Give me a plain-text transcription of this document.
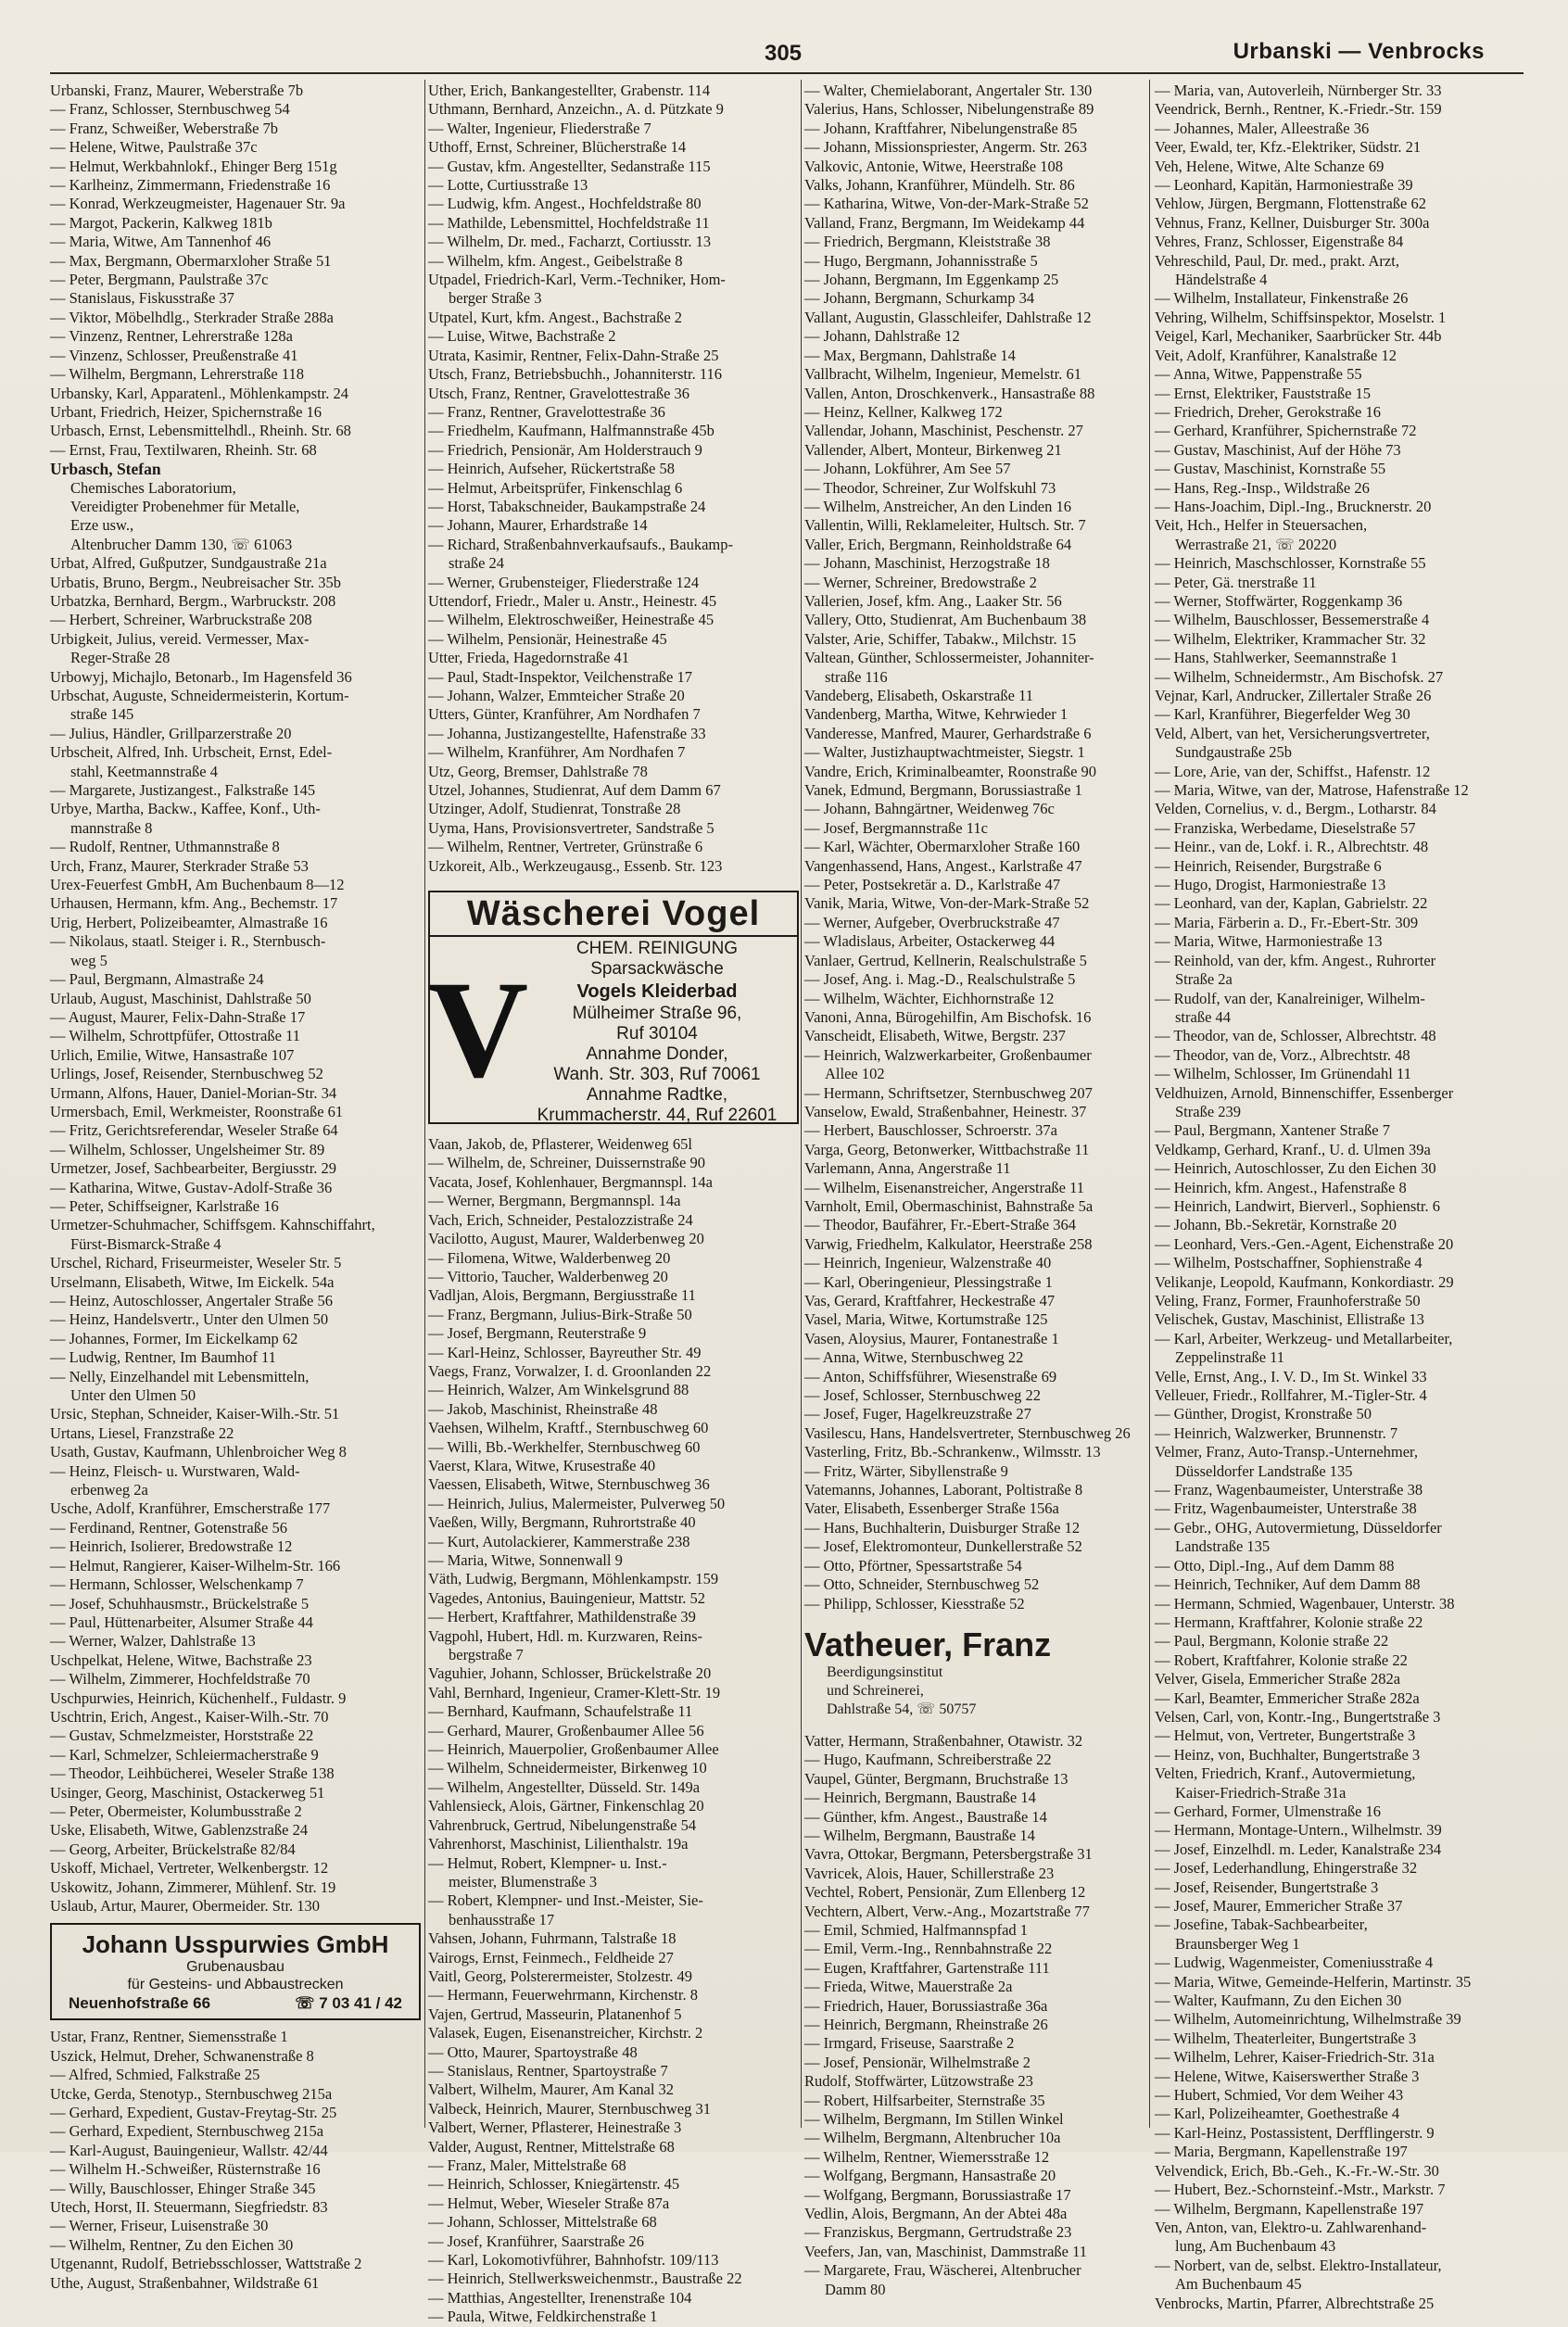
305	Urbanski — Venbrocks
Urbanski, Franz, Maurer, Weberstraße 7b
— Franz, Schlosser, Sternbuschweg 54
— Franz, Schweißer, Weberstraße 7b
— Helene, Witwe, Paulstraße 37c
— Helmut, Werkbahnlokf., Ehinger Berg 151g
— Karlheinz, Zimmermann, Friedenstraße 16
— Konrad, Werkzeugmeister, Hagenauer Str. 9a
— Margot, Packerin, Kalkweg 181b
— Maria, Witwe, Am Tannenhof 46
— Max, Bergmann, Obermarxloher Straße 51
— Peter, Bergmann, Paulstraße 37c
— Stanislaus, Fiskusstraße 37
— Viktor, Möbelhdlg., Sterkrader Straße 288a
— Vinzenz, Rentner, Lehrerstraße 128a
— Vinzenz, Schlosser, Preußenstraße 41
— Wilhelm, Bergmann, Lehrerstraße 118
Urbansky, Karl, Apparatenl., Möhlenkampstr. 24
Urbant, Friedrich, Heizer, Spichernstraße 16
Urbasch, Ernst, Lebensmittelhdl., Rheinh. Str. 68
— Ernst, Frau, Textilwaren, Rheinh. Str. 68
Urbasch, Stefan
Chemisches Laboratorium,
Vereidigter Probenehmer für Metalle,
Erze usw.,
Altenbrucher Damm 130, ☏ 61063
Urbat, Alfred, Gußputzer, Sundgaustraße 21a
Urbatis, Bruno, Bergm., Neubreisacher Str. 35b
Urbatzka, Bernhard, Bergm., Warbruckstr. 208
— Herbert, Schreiner, Warbruckstraße 208
Urbigkeit, Julius, vereid. Vermesser, Max-
Reger-Straße 28
Urbowyj, Michajlo, Betonarb., Im Hagensfeld 36
Urbschat, Auguste, Schneidermeisterin, Kortum-
straße 145
— Julius, Händler, Grillparzerstraße 20
Urbscheit, Alfred, Inh. Urbscheit, Ernst, Edel-
stahl, Keetmannstraße 4
— Margarete, Justizangest., Falkstraße 145
Urbye, Martha, Backw., Kaffee, Konf., Uth-
mannstraße 8
— Rudolf, Rentner, Uthmannstraße 8
Urch, Franz, Maurer, Sterkrader Straße 53
Urex-Feuerfest GmbH, Am Buchenbaum 8—12
Urhausen, Hermann, kfm. Ang., Bechemstr. 17
Urig, Herbert, Polizeibeamter, Almastraße 16
— Nikolaus, staatl. Steiger i. R., Sternbusch-
weg 5
— Paul, Bergmann, Almastraße 24
Urlaub, August, Maschinist, Dahlstraße 50
— August, Maurer, Felix-Dahn-Straße 17
— Wilhelm, Schrottpfüfer, Ottostraße 11
Urlich, Emilie, Witwe, Hansastraße 107
Urlings, Josef, Reisender, Sternbuschweg 52
Urmann, Alfons, Hauer, Daniel-Morian-Str. 34
Urmersbach, Emil, Werkmeister, Roonstraße 61
— Fritz, Gerichtsreferendar, Weseler Straße 64
— Wilhelm, Schlosser, Ungelsheimer Str. 89
Urmetzer, Josef, Sachbearbeiter, Bergiusstr. 29
— Katharina, Witwe, Gustav-Adolf-Straße 36
— Peter, Schiffseigner, Karlstraße 16
Urmetzer-Schuhmacher, Schiffsgem. Kahnschiffahrt,
Fürst-Bismarck-Straße 4
Urschel, Richard, Friseurmeister, Weseler Str. 5
Urselmann, Elisabeth, Witwe, Im Eickelk. 54a
— Heinz, Autoschlosser, Angertaler Straße 56
— Heinz, Handelsvertr., Unter den Ulmen 50
— Johannes, Former, Im Eickelkamp 62
— Ludwig, Rentner, Im Baumhof 11
— Nelly, Einzelhandel mit Lebensmitteln,
Unter den Ulmen 50
Ursic, Stephan, Schneider, Kaiser-Wilh.-Str. 51
Urtans, Liesel, Franzstraße 22
Usath, Gustav, Kaufmann, Uhlenbroicher Weg 8
— Heinz, Fleisch- u. Wurstwaren, Wald-
erbenweg 2a
Usche, Adolf, Kranführer, Emscherstraße 177
— Ferdinand, Rentner, Gotenstraße 56
— Heinrich, Isolierer, Bredowstraße 12
— Helmut, Rangierer, Kaiser-Wilhelm-Str. 166
— Hermann, Schlosser, Welschenkamp 7
— Josef, Schuhhausmstr., Brückelstraße 5
— Paul, Hüttenarbeiter, Alsumer Straße 44
— Werner, Walzer, Dahlstraße 13
Uschpelkat, Helene, Witwe, Bachstraße 23
— Wilhelm, Zimmerer, Hochfeldstraße 70
Uschpurwies, Heinrich, Küchenhelf., Fuldastr. 9
Uschtrin, Erich, Angest., Kaiser-Wilh.-Str. 70
— Gustav, Schmelzmeister, Horststraße 22
— Karl, Schmelzer, Schleiermacherstraße 9
— Theodor, Leihbücherei, Weseler Straße 138
Usinger, Georg, Maschinist, Ostackerweg 51
— Peter, Obermeister, Kolumbusstraße 2
Uske, Elisabeth, Witwe, Gablenzstraße 24
— Georg, Arbeiter, Brückelstraße 82/84
Uskoff, Michael, Vertreter, Welkenbergstr. 12
Uskowitz, Johann, Zimmerer, Mühlenf. Str. 19
Uslaub, Artur, Maurer, Obermeider. Str. 130
Johann Usspurwies GmbH
Grubenausbau
für Gesteins- und Abbaustrecken
Neuenhofstraße 66	☏ 7 03 41 / 42
Ustar, Franz, Rentner, Siemensstraße 1
Uszick, Helmut, Dreher, Schwanenstraße 8
— Alfred, Schmied, Falkstraße 25
Utcke, Gerda, Stenotyp., Sternbuschweg 215a
— Gerhard, Expedient, Gustav-Freytag-Str. 25
— Gerhard, Expedient, Sternbuschweg 215a
— Karl-August, Bauingenieur, Wallstr. 42/44
— Wilhelm H.-Schweißer, Rüsternstraße 16
— Willy, Bauschlosser, Ehinger Straße 345
Utech, Horst, II. Steuermann, Siegfriedstr. 83
— Werner, Friseur, Luisenstraße 30
— Wilhelm, Rentner, Zu den Eichen 30
Utgenannt, Rudolf, Betriebsschlosser, Wattstraße 2
Uthe, August, Straßenbahner, Wildstraße 61
Uther, Erich, Bankangestellter, Grabenstr. 114
Uthmann, Bernhard, Anzeichn., A. d. Pützkate 9
— Walter, Ingenieur, Fliederstraße 7
Uthoff, Ernst, Schreiner, Blücherstraße 14
— Gustav, kfm. Angestellter, Sedanstraße 115
— Lotte, Curtiusstraße 13
— Ludwig, kfm. Angest., Hochfeldstraße 80
— Mathilde, Lebensmittel, Hochfeldstraße 11
— Wilhelm, Dr. med., Facharzt, Cortiusstr. 13
— Wilhelm, kfm. Angest., Geibelstraße 8
Utpadel, Friedrich-Karl, Verm.-Techniker, Hom-
berger Straße 3
Utpatel, Kurt, kfm. Angest., Bachstraße 2
— Luise, Witwe, Bachstraße 2
Utrata, Kasimir, Rentner, Felix-Dahn-Straße 25
Utsch, Franz, Betriebsbuchh., Johanniterstr. 116
Utsch, Franz, Rentner, Gravelottestraße 36
— Franz, Rentner, Gravelottestraße 36
— Friedhelm, Kaufmann, Halfmannstraße 45b
— Friedrich, Pensionär, Am Holderstrauch 9
— Heinrich, Aufseher, Rückertstraße 58
— Helmut, Arbeitsprüfer, Finkenschlag 6
— Horst, Tabakschneider, Baukampstraße 24
— Johann, Maurer, Erhardstraße 14
— Richard, Straßenbahnverkaufsaufs., Baukamp-
straße 24
— Werner, Grubensteiger, Fliederstraße 124
Uttendorf, Friedr., Maler u. Anstr., Heinestr. 45
— Wilhelm, Elektroschweißer, Heinestraße 45
— Wilhelm, Pensionär, Heinestraße 45
Utter, Frieda, Hagedornstraße 41
— Paul, Stadt-Inspektor, Veilchenstraße 17
— Johann, Walzer, Emmteicher Straße 20
Utters, Günter, Kranführer, Am Nordhafen 7
— Johanna, Justizangestellte, Hafenstraße 33
— Wilhelm, Kranführer, Am Nordhafen 7
Utz, Georg, Bremser, Dahlstraße 78
Utzel, Johannes, Studienrat, Auf dem Damm 67
Utzinger, Adolf, Studienrat, Tonstraße 28
Uyma, Hans, Provisionsvertreter, Sandstraße 5
— Wilhelm, Rentner, Vertreter, Grünstraße 6
Uzkoreit, Alb., Werkzeugausg., Essenb. Str. 123
Wäscherei Vogel
V
CHEM. REINIGUNG
Sparsackwäsche
Vogels Kleiderbad
Mülheimer Straße 96,
Ruf 30104
Annahme Donder,
Wanh. Str. 303, Ruf 70061
Annahme Radtke,
Krummacherstr. 44, Ruf 22601
Vaan, Jakob, de, Pflasterer, Weidenweg 65l
— Wilhelm, de, Schreiner, Duissernstraße 90
Vacata, Josef, Kohlenhauer, Bergmannspl. 14a
— Werner, Bergmann, Bergmannspl. 14a
Vach, Erich, Schneider, Pestalozzistraße 24
Vacilotto, August, Maurer, Walderbenweg 20
— Filomena, Witwe, Walderbenweg 20
— Vittorio, Taucher, Walderbenweg 20
Vadljan, Alois, Bergmann, Bergiusstraße 11
— Franz, Bergmann, Julius-Birk-Straße 50
— Josef, Bergmann, Reuterstraße 9
— Karl-Heinz, Schlosser, Bayreuther Str. 49
Vaegs, Franz, Vorwalzer, I. d. Groonlanden 22
— Heinrich, Walzer, Am Winkelsgrund 88
— Jakob, Maschinist, Rheinstraße 48
Vaehsen, Wilhelm, Kraftf., Sternbuschweg 60
— Willi, Bb.-Werkhelfer, Sternbuschweg 60
Vaerst, Klara, Witwe, Krusestraße 40
Vaessen, Elisabeth, Witwe, Sternbuschweg 36
— Heinrich, Julius, Malermeister, Pulverweg 50
Vaeßen, Willy, Bergmann, Ruhrortstraße 40
— Kurt, Autolackierer, Kammerstraße 238
— Maria, Witwe, Sonnenwall 9
Väth, Ludwig, Bergmann, Möhlenkampstr. 159
Vagedes, Antonius, Bauingenieur, Mattstr. 52
— Herbert, Kraftfahrer, Mathildenstraße 39
Vagpohl, Hubert, Hdl. m. Kurzwaren, Reins-
bergstraße 7
Vaguhier, Johann, Schlosser, Brückelstraße 20
Vahl, Bernhard, Ingenieur, Cramer-Klett-Str. 19
— Bernhard, Kaufmann, Schaufelstraße 11
— Gerhard, Maurer, Großenbaumer Allee 56
— Heinrich, Mauerpolier, Großenbaumer Allee
— Wilhelm, Schneidermeister, Birkenweg 10
— Wilhelm, Angestellter, Düsseld. Str. 149a
Vahlensieck, Alois, Gärtner, Finkenschlag 20
Vahrenbruck, Gertrud, Nibelungenstraße 54
Vahrenhorst, Maschinist, Lilienthalstr. 19a
— Helmut, Robert, Klempner- u. Inst.-
meister, Blumenstraße 3
— Robert, Klempner- und Inst.-Meister, Sie-
benhausstraße 17
Vahsen, Johann, Fuhrmann, Talstraße 18
Vairogs, Ernst, Feinmech., Feldheide 27
Vaitl, Georg, Polsterermeister, Stolzestr. 49
— Hermann, Feuerwehrmann, Kirchenstr. 8
Vajen, Gertrud, Masseurin, Platanenhof 5
Valasek, Eugen, Eisenanstreicher, Kirchstr. 2
— Otto, Maurer, Spartoystraße 48
— Stanislaus, Rentner, Spartoystraße 7
Valbert, Wilhelm, Maurer, Am Kanal 32
Valbeck, Heinrich, Maurer, Sternbuschweg 31
Valbert, Werner, Pflasterer, Heinestraße 3
Valder, August, Rentner, Mittelstraße 68
— Franz, Maler, Mittelstraße 68
— Heinrich, Schlosser, Kniegärtenstr. 45
— Helmut, Weber, Wieseler Straße 87a
— Johann, Schlosser, Mittelstraße 68
— Josef, Kranführer, Saarstraße 26
— Karl, Lokomotivführer, Bahnhofstr. 109/113
— Heinrich, Stellwerksweichenmstr., Baustraße 22
— Matthias, Angestellter, Irenenstraße 104
— Paula, Witwe, Feldkirchenstraße 1
— Walter, Chemielaborant, Angertaler Str. 130
Valerius, Hans, Schlosser, Nibelungenstraße 89
— Johann, Kraftfahrer, Nibelungenstraße 85
— Johann, Missionspriester, Angerm. Str. 263
Valkovic, Antonie, Witwe, Heerstraße 108
Valks, Johann, Kranführer, Mündelh. Str. 86
— Katharina, Witwe, Von-der-Mark-Straße 52
Valland, Franz, Bergmann, Im Weidekamp 44
— Friedrich, Bergmann, Kleiststraße 38
— Hugo, Bergmann, Johannisstraße 5
— Johann, Bergmann, Im Eggenkamp 25
— Johann, Bergmann, Schurkamp 34
Vallant, Augustin, Glasschleifer, Dahlstraße 12
— Johann, Dahlstraße 12
— Max, Bergmann, Dahlstraße 14
Vallbracht, Wilhelm, Ingenieur, Memelstr. 61
Vallen, Anton, Droschkenverk., Hansastraße 88
— Heinz, Kellner, Kalkweg 172
Vallendar, Johann, Maschinist, Peschenstr. 27
Vallender, Albert, Monteur, Birkenweg 21
— Johann, Lokführer, Am See 57
— Theodor, Schreiner, Zur Wolfskuhl 73
— Wilhelm, Anstreicher, An den Linden 16
Vallentin, Willi, Reklameleiter, Hultsch. Str. 7
Valler, Erich, Bergmann, Reinholdstraße 64
— Johann, Maschinist, Herzogstraße 18
— Werner, Schreiner, Bredowstraße 2
Vallerien, Josef, kfm. Ang., Laaker Str. 56
Vallery, Otto, Studienrat, Am Buchenbaum 38
Valster, Arie, Schiffer, Tabakw., Milchstr. 15
Valtean, Günther, Schlossermeister, Johanniter-
straße 116
Vandeberg, Elisabeth, Oskarstraße 11
Vandenberg, Martha, Witwe, Kehrwieder 1
Vanderesse, Manfred, Maurer, Gerhardstraße 6
— Walter, Justizhauptwachtmeister, Siegstr. 1
Vandre, Erich, Kriminalbeamter, Roonstraße 90
Vanek, Edmund, Bergmann, Borussiastraße 1
— Johann, Bahngärtner, Weidenweg 76c
— Josef, Bergmannstraße 11c
— Karl, Wächter, Obermarxloher Straße 160
Vangenhassend, Hans, Angest., Karlstraße 47
— Peter, Postsekretär a. D., Karlstraße 47
Vanik, Maria, Witwe, Von-der-Mark-Straße 52
— Werner, Aufgeber, Overbruckstraße 47
— Wladislaus, Arbeiter, Ostackerweg 44
Vanlaer, Gertrud, Kellnerin, Realschulstraße 5
— Josef, Ang. i. Mag.-D., Realschulstraße 5
— Wilhelm, Wächter, Eichhornstraße 12
Vanoni, Anna, Bürogehilfin, Am Bischofsk. 16
Vanscheidt, Elisabeth, Witwe, Bergstr. 237
— Heinrich, Walzwerkarbeiter, Großenbaumer
Allee 102
— Hermann, Schriftsetzer, Sternbuschweg 207
Vanselow, Ewald, Straßenbahner, Heinestr. 37
— Herbert, Bauschlosser, Schroerstr. 37a
Varga, Georg, Betonwerker, Wittbachstraße 11
Varlemann, Anna, Angerstraße 11
— Wilhelm, Eisenanstreicher, Angerstraße 11
Varnholt, Emil, Obermaschinist, Bahnstraße 5a
— Theodor, Baufährer, Fr.-Ebert-Straße 364
Varwig, Friedhelm, Kalkulator, Heerstraße 258
— Heinrich, Ingenieur, Walzenstraße 40
— Karl, Oberingenieur, Plessingstraße 1
Vas, Gerard, Kraftfahrer, Heckestraße 47
Vasel, Maria, Witwe, Kortumstraße 125
Vasen, Aloysius, Maurer, Fontanestraße 1
— Anna, Witwe, Sternbuschweg 22
— Anton, Schiffsführer, Wiesenstraße 69
— Josef, Schlosser, Sternbuschweg 22
— Josef, Fuger, Hagelkreuzstraße 27
Vasilescu, Hans, Handelsvertreter, Sternbuschweg 26
Vasterling, Fritz, Bb.-Schrankenw., Wilmsstr. 13
— Fritz, Wärter, Sibyllenstraße 9
Vatemanns, Johannes, Laborant, Poltistraße 8
Vater, Elisabeth, Essenberger Straße 156a
— Hans, Buchhalterin, Duisburger Straße 12
— Josef, Elektromonteur, Dunkellerstraße 52
— Otto, Pförtner, Spessartstraße 54
— Otto, Schneider, Sternbuschweg 52
— Philipp, Schlosser, Kiesstraße 52
Vatheuer, Franz
Beerdigungsinstitut
und Schreinerei,
Dahlstraße 54, ☏ 50757
Vatter, Hermann, Straßenbahner, Otawistr. 32
— Hugo, Kaufmann, Schreiberstraße 22
Vaupel, Günter, Bergmann, Bruchstraße 13
— Heinrich, Bergmann, Baustraße 14
— Günther, kfm. Angest., Baustraße 14
— Wilhelm, Bergmann, Baustraße 14
Vavra, Ottokar, Bergmann, Petersbergstraße 31
Vavricek, Alois, Hauer, Schillerstraße 23
Vechtel, Robert, Pensionär, Zum Ellenberg 12
Vechtern, Albert, Verw.-Ang., Mozartstraße 77
— Emil, Schmied, Halfmannspfad 1
— Emil, Verm.-Ing., Rennbahnstraße 22
— Eugen, Kraftfahrer, Gartenstraße 111
— Frieda, Witwe, Mauerstraße 2a
— Friedrich, Hauer, Borussiastraße 36a
— Heinrich, Bergmann, Rheinstraße 26
— Irmgard, Friseuse, Saarstraße 2
— Josef, Pensionär, Wilhelmstraße 2
Rudolf, Stoffwärter, Lützowstraße 23
— Robert, Hilfsarbeiter, Sternstraße 35
— Wilhelm, Bergmann, Im Stillen Winkel
— Wilhelm, Bergmann, Altenbrucher 10a
— Wilhelm, Rentner, Wiemersstraße 12
— Wolfgang, Bergmann, Hansastraße 20
— Wolfgang, Bergmann, Borussiastraße 17
Vedlin, Alois, Bergmann, An der Abtei 48a
— Franziskus, Bergmann, Gertrudstraße 23
Veefers, Jan, van, Maschinist, Dammstraße 11
— Margarete, Frau, Wäscherei, Altenbrucher
Damm 80
— Maria, van, Autoverleih, Nürnberger Str. 33
Veendrick, Bernh., Rentner, K.-Friedr.-Str. 159
— Johannes, Maler, Alleestraße 36
Veer, Ewald, ter, Kfz.-Elektriker, Südstr. 21
Veh, Helene, Witwe, Alte Schanze 69
— Leonhard, Kapitän, Harmoniestraße 39
Vehlow, Jürgen, Bergmann, Flottenstraße 62
Vehnus, Franz, Kellner, Duisburger Str. 300a
Vehres, Franz, Schlosser, Eigenstraße 84
Vehreschild, Paul, Dr. med., prakt. Arzt,
Händelstraße 4
— Wilhelm, Installateur, Finkenstraße 26
Vehring, Wilhelm, Schiffsinspektor, Moselstr. 1
Veigel, Karl, Mechaniker, Saarbrücker Str. 44b
Veit, Adolf, Kranführer, Kanalstraße 12
— Anna, Witwe, Pappenstraße 55
— Ernst, Elektriker, Fauststraße 15
— Friedrich, Dreher, Gerokstraße 16
— Gerhard, Kranführer, Spichernstraße 72
— Gustav, Maschinist, Auf der Höhe 73
— Gustav, Maschinist, Kornstraße 55
— Hans, Reg.-Insp., Wildstraße 26
— Hans-Joachim, Dipl.-Ing., Brucknerstr. 20
Veit, Hch., Helfer in Steuersachen,
Werrastraße 21, ☏ 20220
— Heinrich, Maschschlosser, Kornstraße 55
— Peter, Gä. tnerstraße 11
— Werner, Stoffwärter, Roggenkamp 36
— Wilhelm, Bauschlosser, Bessemerstraße 4
— Wilhelm, Elektriker, Krammacher Str. 32
— Hans, Stahlwerker, Seemannstraße 1
— Wilhelm, Schneidermstr., Am Bischofsk. 27
Vejnar, Karl, Andrucker, Zillertaler Straße 26
— Karl, Kranführer, Biegerfelder Weg 30
Veld, Albert, van het, Versicherungsvertreter,
Sundgaustraße 25b
— Lore, Arie, van der, Schiffst., Hafenstr. 12
— Maria, Witwe, van der, Matrose, Hafenstraße 12
Velden, Cornelius, v. d., Bergm., Lotharstr. 84
— Franziska, Werbedame, Dieselstraße 57
— Heinr., van de, Lokf. i. R., Albrechtstr. 48
— Heinrich, Reisender, Burgstraße 6
— Hugo, Drogist, Harmoniestraße 13
— Leonhard, van der, Kaplan, Gabrielstr. 22
— Maria, Färberin a. D., Fr.-Ebert-Str. 309
— Maria, Witwe, Harmoniestraße 13
— Reinhold, van der, kfm. Angest., Ruhrorter
Straße 2a
— Rudolf, van der, Kanalreiniger, Wilhelm-
straße 44
— Theodor, van de, Schlosser, Albrechtstr. 48
— Theodor, van de, Vorz., Albrechtstr. 48
— Wilhelm, Schlosser, Im Grünendahl 11
Veldhuizen, Arnold, Binnenschiffer, Essenberger
Straße 239
— Paul, Bergmann, Xantener Straße 7
Veldkamp, Gerhard, Kranf., U. d. Ulmen 39a
— Heinrich, Autoschlosser, Zu den Eichen 30
— Heinrich, kfm. Angest., Hafenstraße 8
— Heinrich, Landwirt, Bierverl., Sophienstr. 6
— Johann, Bb.-Sekretär, Kornstraße 20
— Leonhard, Vers.-Gen.-Agent, Eichenstraße 20
— Wilhelm, Postschaffner, Sophienstraße 4
Velikanje, Leopold, Kaufmann, Konkordiastr. 29
Veling, Franz, Former, Fraunhoferstraße 50
Velischek, Gustav, Maschinist, Ellistraße 13
— Karl, Arbeiter, Werkzeug- und Metallarbeiter,
Zeppelinstraße 11
Velle, Ernst, Ang., I. V. D., Im St. Winkel 33
Velleuer, Friedr., Rollfahrer, M.-Tigler-Str. 4
— Günther, Drogist, Kronstraße 50
— Heinrich, Walzwerker, Brunnenstr. 7
Velmer, Franz, Auto-Transp.-Unternehmer,
Düsseldorfer Landstraße 135
— Franz, Wagenbaumeister, Unterstraße 38
— Fritz, Wagenbaumeister, Unterstraße 38
— Gebr., OHG, Autovermietung, Düsseldorfer
Landstraße 135
— Otto, Dipl.-Ing., Auf dem Damm 88
— Heinrich, Techniker, Auf dem Damm 88
— Hermann, Schmied, Wagenbauer, Unterstr. 38
— Hermann, Kraftfahrer, Kolonie straße 22
— Paul, Bergmann, Kolonie straße 22
— Robert, Kraftfahrer, Kolonie straße 22
Velver, Gisela, Emmericher Straße 282a
— Karl, Beamter, Emmericher Straße 282a
Velsen, Carl, von, Kontr.-Ing., Bungertstraße 3
— Helmut, von, Vertreter, Bungertstraße 3
— Heinz, von, Buchhalter, Bungertstraße 3
Velten, Friedrich, Kranf., Autovermietung,
Kaiser-Friedrich-Straße 31a
— Gerhard, Former, Ulmenstraße 16
— Hermann, Montage-Untern., Wilhelmstr. 39
— Josef, Einzelhdl. m. Leder, Kanalstraße 234
— Josef, Lederhandlung, Ehingerstraße 32
— Josef, Reisender, Bungertstraße 3
— Josef, Maurer, Emmericher Straße 37
— Josefine, Tabak-Sachbearbeiter,
Braunsberger Weg 1
— Ludwig, Wagenmeister, Comeniusstraße 4
— Maria, Witwe, Gemeinde-Helferin, Martinstr. 35
— Walter, Kaufmann, Zu den Eichen 30
— Wilhelm, Automeinrichtung, Wilhelmstraße 39
— Wilhelm, Theaterleiter, Bungertstraße 3
— Wilhelm, Lehrer, Kaiser-Friedrich-Str. 31a
— Helene, Witwe, Kaiserswerther Straße 3
— Hubert, Schmied, Vor dem Weiher 43
— Karl, Polizeiheamter, Goethestraße 4
— Karl-Heinz, Postassistent, Derfflingerstr. 9
— Maria, Bergmann, Kapellenstraße 197
Velvendick, Erich, Bb.-Geh., K.-Fr.-W.-Str. 30
— Hubert, Bez.-Schornsteinf.-Mstr., Markstr. 7
— Wilhelm, Bergmann, Kapellenstraße 197
Ven, Anton, van, Elektro-u. Zahlwarenhand-
lung, Am Buchenbaum 43
— Norbert, van de, selbst. Elektro-Installateur,
Am Buchenbaum 45
Venbrocks, Martin, Pfarrer, Albrechtstraße 25
